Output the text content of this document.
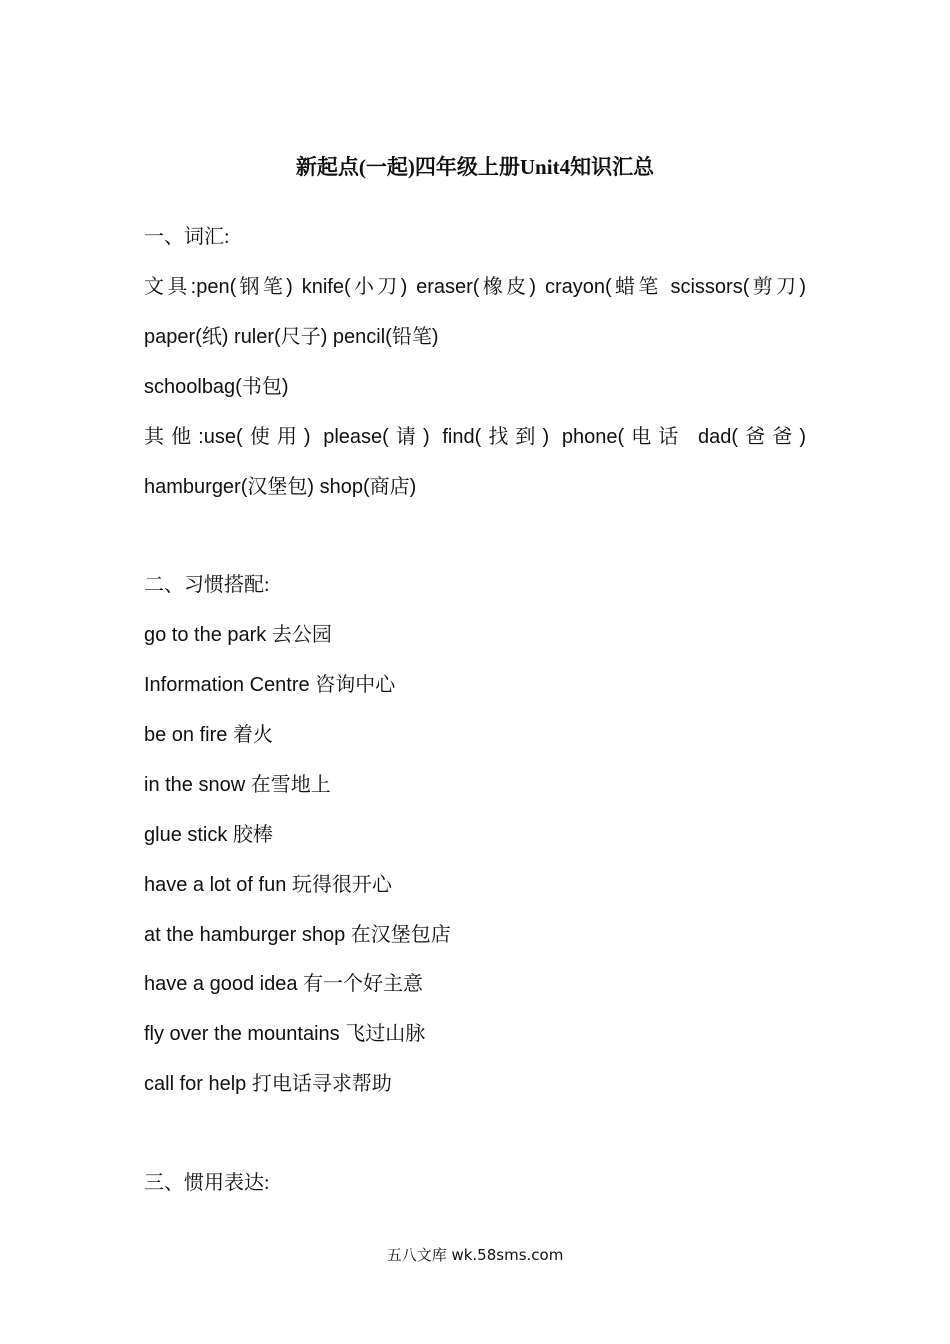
新起点(一起)四年级上册Unit4知识汇总

一、词汇:

文具:pen(钢笔) knife(小刀) eraser(橡皮) crayon(蜡笔 scissors(剪刀)

paper(纸) ruler(尺子) pencil(铅笔)

schoolbag(书包)

其他:use(使用) please(请) find(找到) phone(电话 dad(爸爸)

hamburger(汉堡包) shop(商店)

二、习惯搭配:

go to the park 去公园

Information Centre 咨询中心

be on fire 着火

in the snow 在雪地上

glue stick 胶棒

have a lot of fun 玩得很开心

at the hamburger shop 在汉堡包店

have a good idea 有一个好主意

fly over the mountains 飞过山脉

call for help 打电话寻求帮助

三、惯用表达:

五八文库 wk.58sms.com
